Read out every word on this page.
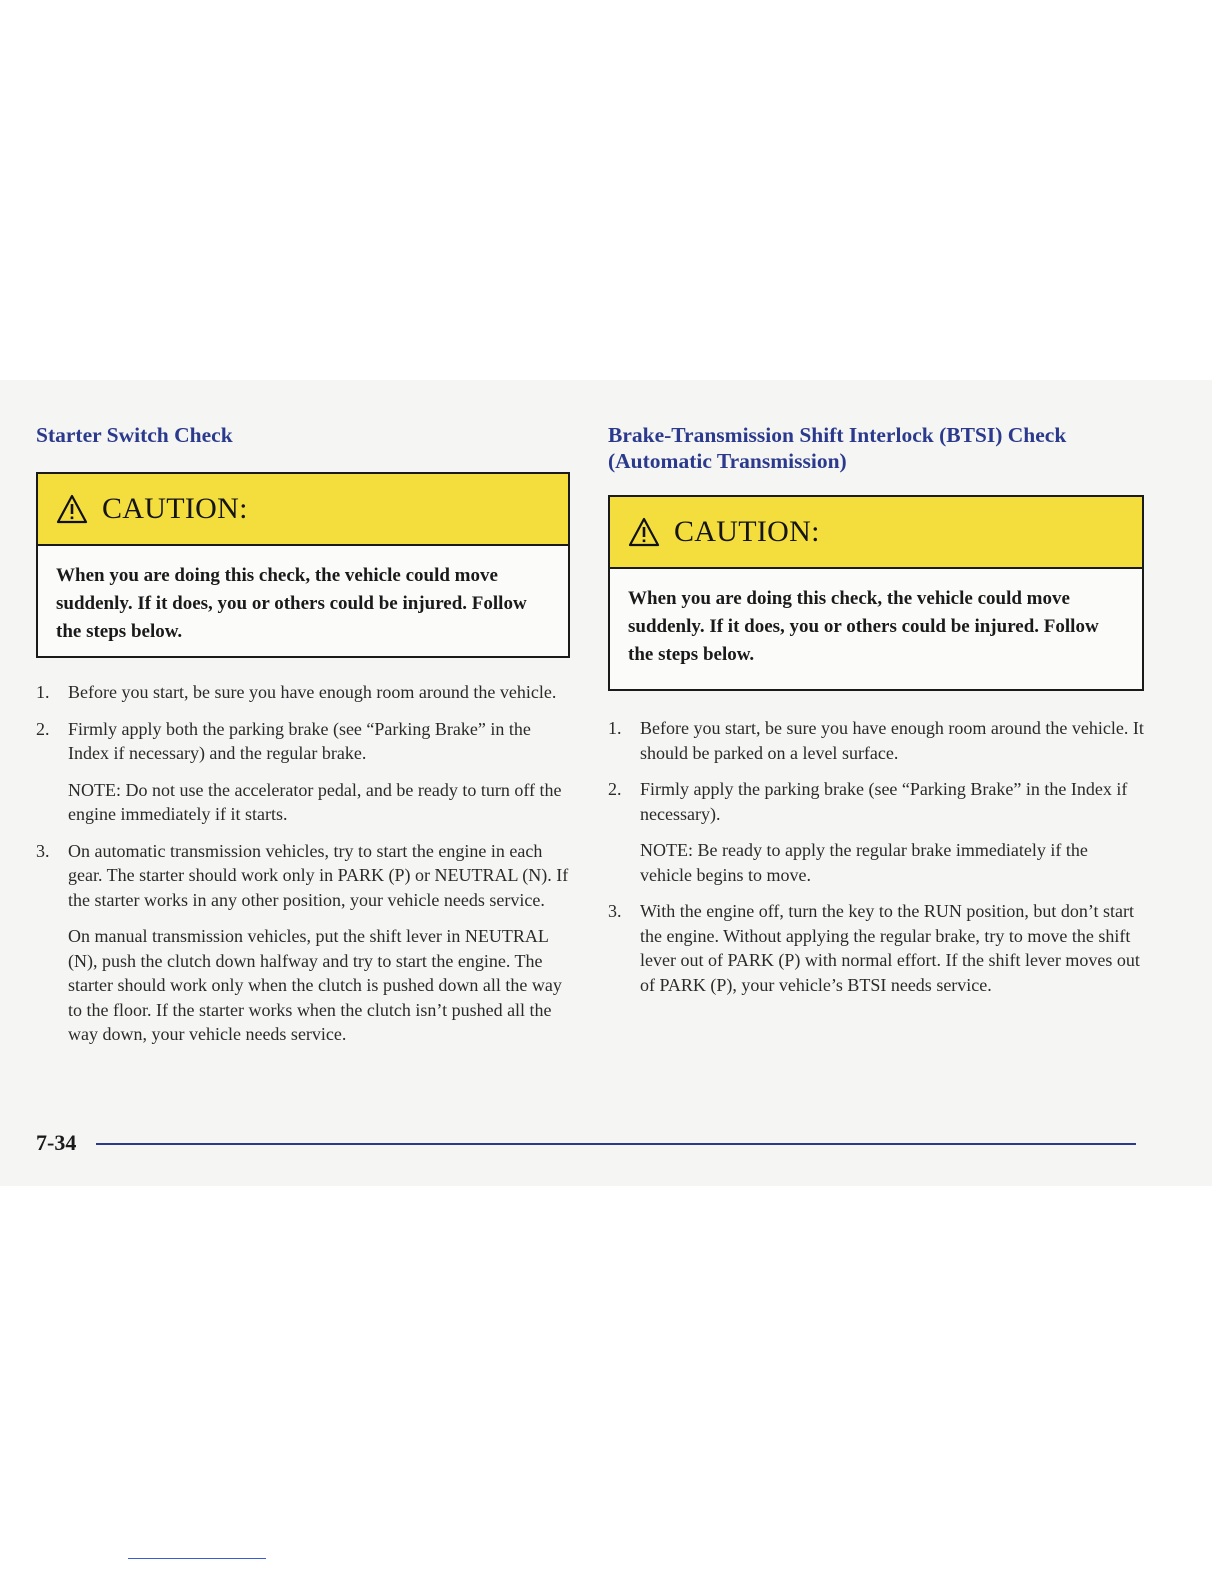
Starter Switch Check
CAUTION:

When you are doing this check, the vehicle could move suddenly. If it does, you or others could be injured. Follow the steps below.

1. Before you start, be sure you have enough room around the vehicle.

2. Firmly apply both the parking brake (see “Parking Brake” in the Index if necessary) and the regular brake.

NOTE: Do not use the accelerator pedal, and be ready to turn off the engine immediately if it starts.

3. On automatic transmission vehicles, try to start the engine in each gear. The starter should work only in PARK (P) or NEUTRAL (N). If the starter works in any other position, your vehicle needs service.

On manual transmission vehicles, put the shift lever in NEUTRAL (N), push the clutch down halfway and try to start the engine. The starter should work only when the clutch is pushed down all the way to the floor. If the starter works when the clutch isn’t pushed all the way down, your vehicle needs service.

Brake-Transmission Shift Interlock (BTSI) Check
(Automatic Transmission)
CAUTION:

When you are doing this check, the vehicle could move suddenly. If it does, you or others could be injured. Follow the steps below.

1. Before you start, be sure you have enough room around the vehicle. It should be parked on a level surface.

2. Firmly apply the parking brake (see “Parking Brake” in the Index if necessary).

NOTE: Be ready to apply the regular brake immediately if the vehicle begins to move.

3. With the engine off, turn the key to the RUN position, but don’t start the engine. Without applying the regular brake, try to move the shift lever out of PARK (P) with normal effort. If the shift lever moves out of PARK (P), your vehicle’s BTSI needs service.

7-34
